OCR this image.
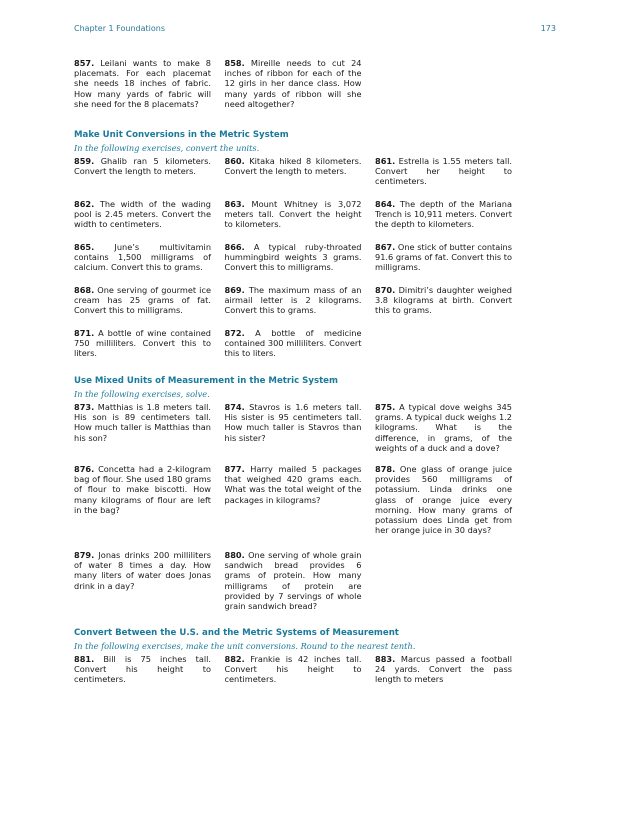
Chapter 1 Foundations	173
857. Leilani wants to make 8 placemats. For each placemat she needs 18 inches of fabric. How many yards of fabric will she need for the 8 placemats?
858. Mireille needs to cut 24 inches of ribbon for each of the 12 girls in her dance class. How many yards of ribbon will she need altogether?

Make Unit Conversions in the Metric System

In the following exercises, convert the units.

859. Ghalib ran 5 kilometers. Convert the length to meters.
860. Kitaka hiked 8 kilometers. Convert the length to meters.
861. Estrella is 1.55 meters tall. Convert her height to centimeters.
862. The width of the wading pool is 2.45 meters. Convert the width to centimeters.
863. Mount Whitney is 3,072 meters tall. Convert the height to kilometers.
864. The depth of the Mariana Trench is 10,911 meters. Convert the depth to kilometers.
865. June’s multivitamin contains 1,500 milligrams of calcium. Convert this to grams.
866. A typical ruby-throated hummingbird weights 3 grams. Convert this to milligrams.
867. One stick of butter contains 91.6 grams of fat. Convert this to milligrams.
868. One serving of gourmet ice cream has 25 grams of fat. Convert this to milligrams.
869. The maximum mass of an airmail letter is 2 kilograms. Convert this to grams.
870. Dimitri’s daughter weighed 3.8 kilograms at birth. Convert this to grams.
871. A bottle of wine contained 750 milliliters. Convert this to liters.
872. A bottle of medicine contained 300 milliliters. Convert this to liters.

Use Mixed Units of Measurement in the Metric System

In the following exercises, solve.

873. Matthias is 1.8 meters tall. His son is 89 centimeters tall. How much taller is Matthias than his son?
874. Stavros is 1.6 meters tall. His sister is 95 centimeters tall. How much taller is Stavros than his sister?
875. A typical dove weighs 345 grams. A typical duck weighs 1.2 kilograms. What is the difference, in grams, of the weights of a duck and a dove?
876. Concetta had a 2-kilogram bag of flour. She used 180 grams of flour to make biscotti. How many kilograms of flour are left in the bag?
877. Harry mailed 5 packages that weighed 420 grams each. What was the total weight of the packages in kilograms?
878. One glass of orange juice provides 560 milligrams of potassium. Linda drinks one glass of orange juice every morning. How many grams of potassium does Linda get from her orange juice in 30 days?
879. Jonas drinks 200 milliliters of water 8 times a day. How many liters of water does Jonas drink in a day?
880. One serving of whole grain sandwich bread provides 6 grams of protein. How many milligrams of protein are provided by 7 servings of whole grain sandwich bread?

Convert Between the U.S. and the Metric Systems of Measurement

In the following exercises, make the unit conversions. Round to the nearest tenth.

881. Bill is 75 inches tall. Convert his height to centimeters.
882. Frankie is 42 inches tall. Convert his height to centimeters.
883. Marcus passed a football 24 yards. Convert the pass length to meters
